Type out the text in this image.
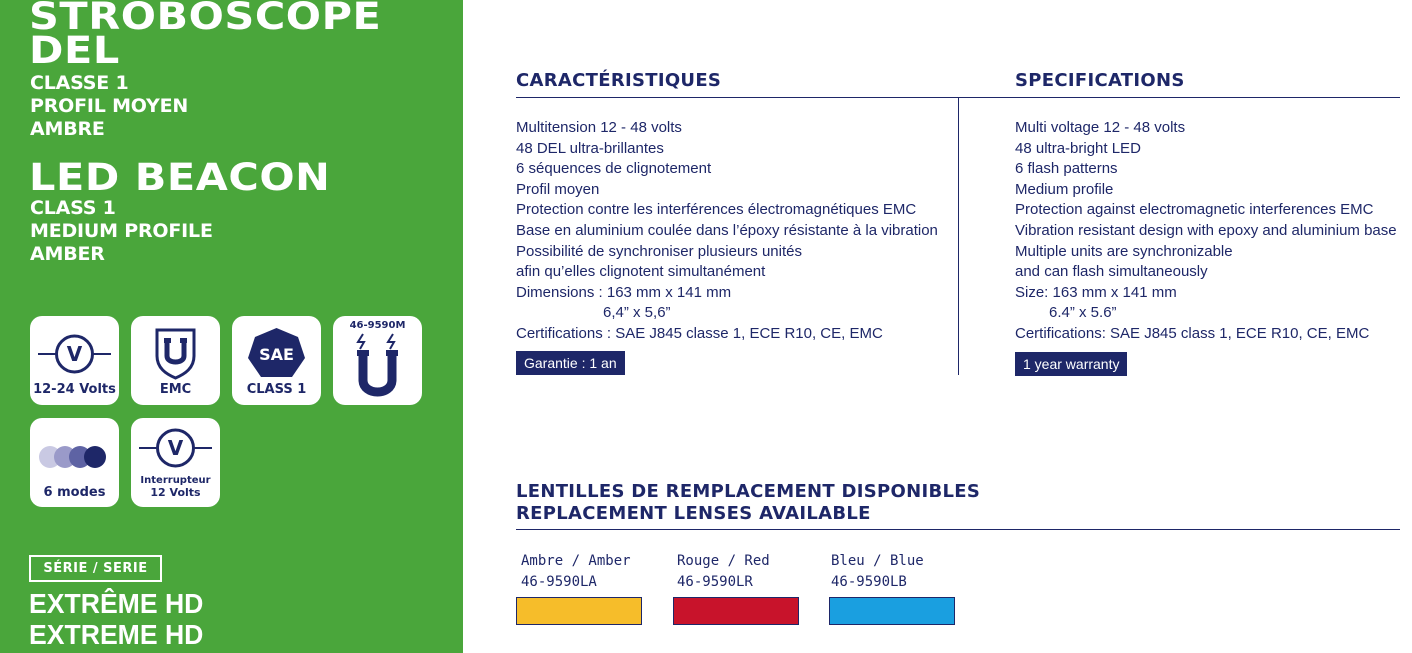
STROBOSCOPE
DEL
CLASSE 1
PROFIL MOYEN
AMBRE
LED BEACON
CLASS 1
MEDIUM PROFILE
AMBER
V
12-24 Volts	EMC
SAE
CLASS 1
46-9590M
6 modes
V
Interrupteur
12 Volts
SÉRIE / SERIE
EXTRÊME HD
EXTREME HD
CARACTÉRISTIQUES
Multitension 12 - 48 volts
48 DEL ultra-brillantes
6 séquences de clignotement
Profil moyen
Protection contre les interférences électromagnétiques EMC
Base en aluminium coulée dans l’époxy résistante à la vibration
Possibilité de synchroniser plusieurs unités
afin qu’elles clignotent simultanément
Dimensions : 163 mm x 141 mm
6,4” x 5,6”
Certifications : SAE J845 classe 1, ECE R10, CE, EMC
Garantie : 1 an
SPECIFICATIONS
Multi voltage 12 - 48 volts
48 ultra-bright LED
6 flash patterns
Medium profile
Protection against electromagnetic interferences EMC
Vibration resistant design with epoxy and aluminium base
Multiple units are synchronizable
and can flash simultaneously
Size: 163 mm x 141 mm
6.4” x 5.6”
Certifications: SAE J845 class 1, ECE R10, CE, EMC
1 year warranty
LENTILLES DE REMPLACEMENT DISPONIBLES
REPLACEMENT LENSES AVAILABLE
Ambre / Amber
46-9590LA
Rouge / Red
46-9590LR
Bleu / Blue
46-9590LB
